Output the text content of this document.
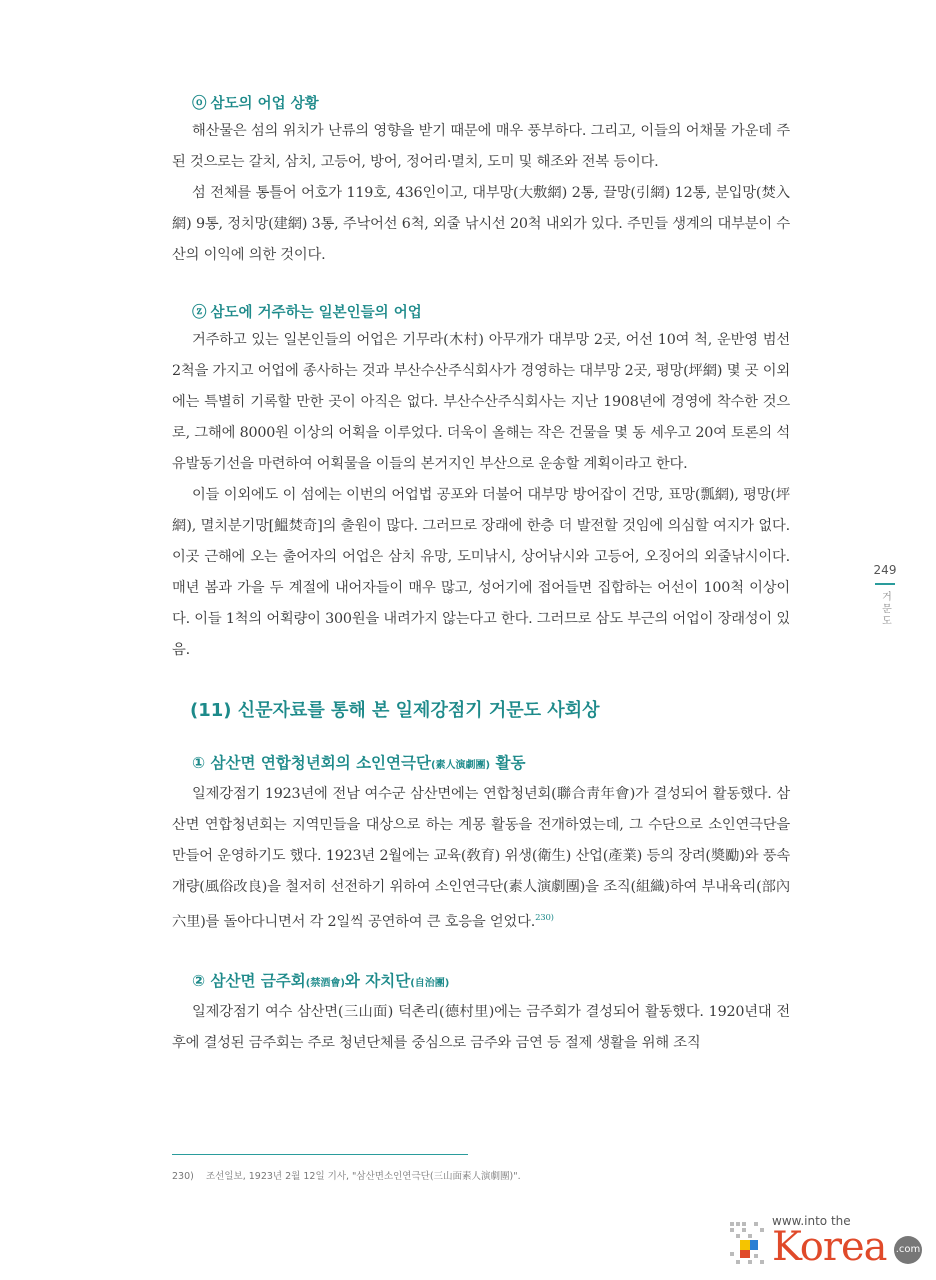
ⓞ 삼도의 어업 상황

해산물은 섬의 위치가 난류의 영향을 받기 때문에 매우 풍부하다. 그리고, 이들의 어채물 가운데 주된 것으로는 갈치, 삼치, 고등어, 방어, 정어리·멸치, 도미 및 해조와 전복 등이다.

섬 전체를 통틀어 어호가 119호, 436인이고, 대부망(大敷網) 2통, 끌망(引網) 12통, 분입망(焚入網) 9통, 정치망(建網) 3통, 주낙어선 6척, 외줄 낚시선 20척 내외가 있다. 주민들 생계의 대부분이 수산의 이익에 의한 것이다.

ⓩ 삼도에 거주하는 일본인들의 어업

거주하고 있는 일본인들의 어업은 기무라(木村) 아무개가 대부망 2곳, 어선 10여 척, 운반영 범선 2척을 가지고 어업에 종사하는 것과 부산수산주식회사가 경영하는 대부망 2곳, 평망(坪網) 몇 곳 이외에는 특별히 기록할 만한 곳이 아직은 없다. 부산수산주식회사는 지난 1908년에 경영에 착수한 것으로, 그해에 8000원 이상의 어획을 이루었다. 더욱이 올해는 작은 건물을 몇 동 세우고 20여 토론의 석유발동기선을 마련하여 어획물을 이들의 본거지인 부산으로 운송할 계획이라고 한다.

이들 이외에도 이 섬에는 이번의 어업법 공포와 더불어 대부망 방어잡이 건망, 표망(瓢網), 평망(坪網), 멸치분기망[鰮焚奇]의 출원이 많다. 그러므로 장래에 한층 더 발전할 것임에 의심할 여지가 없다. 이곳 근해에 오는 출어자의 어업은 삼치 유망, 도미낚시, 상어낚시와 고등어, 오징어의 외줄낚시이다. 매년 봄과 가을 두 계절에 내어자들이 매우 많고, 성어기에 접어들면 집합하는 어선이 100척 이상이다. 이들 1척의 어획량이 300원을 내려가지 않는다고 한다. 그러므로 삼도 부근의 어업이 장래성이 있음.

(11) 신문자료를 통해 본 일제강점기 거문도 사회상
① 삼산면 연합청년회의 소인연극단(素人演劇團) 활동

일제강점기 1923년에 전남 여수군 삼산면에는 연합청년회(聯合靑年會)가 결성되어 활동했다. 삼산면 연합청년회는 지역민들을 대상으로 하는 계몽 활동을 전개하였는데, 그 수단으로 소인연극단을 만들어 운영하기도 했다. 1923년 2월에는 교육(敎育) 위생(衛生) 산업(產業) 등의 장려(奬勵)와 풍속개량(風俗改良)을 철저히 선전하기 위하여 소인연극단(素人演劇團)을 조직(組織)하여 부내육리(部內六里)를 돌아다니면서 각 2일씩 공연하여 큰 호응을 얻었다.$^{230)}$

② 삼산면 금주회(禁酒會)와 자치단(自治團)

일제강점기 여수 삼산면(三山面) 덕촌리(德村里)에는 금주회가 결성되어 활동했다. 1920년대 전후에 결성된 금주회는 주로 청년단체를 중심으로 금주와 금연 등 절제 생활을 위해 조직

249
거문도
230) 조선일보, 1923년 2월 12일 기사, "삼산면소인연극단(三山面素人演劇團)".
www.into the
Korea .com
